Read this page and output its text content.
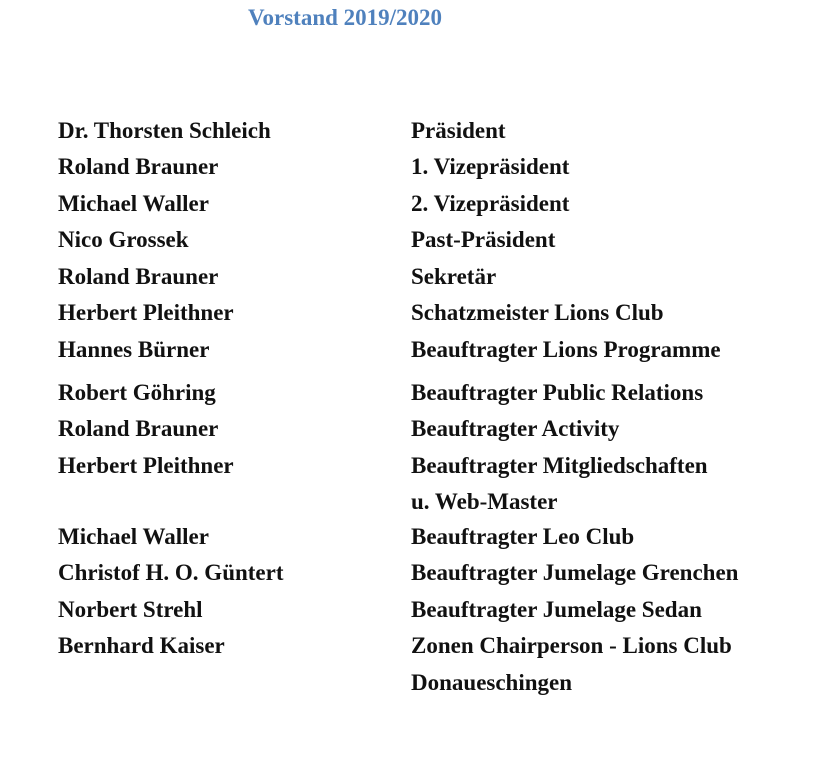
Vorstand 2019/2020
Dr. Thorsten Schleich	Präsident
Roland Brauner	1. Vizepräsident
Michael Waller	2. Vizepräsident
Nico Grossek	Past-Präsident
Roland Brauner	Sekretär
Herbert Pleithner	Schatzmeister Lions Club
Hannes Bürner	Beauftragter Lions Programme
Robert Göhring	Beauftragter Public Relations
Roland Brauner	Beauftragter Activity
Herbert Pleithner	Beauftragter Mitgliedschaften
u. Web-Master
Michael Waller	Beauftragter Leo Club
Christof H. O. Güntert	Beauftragter Jumelage Grenchen
Norbert Strehl	Beauftragter Jumelage Sedan
Bernhard Kaiser	Zonen Chairperson - Lions Club
Donaueschingen
